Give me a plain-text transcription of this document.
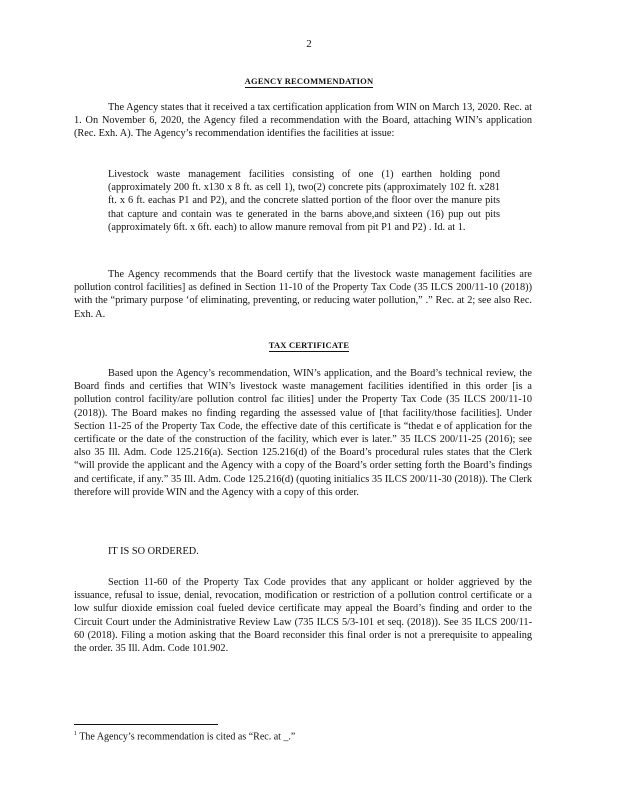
2
AGENCY RECOMMENDATION
The Agency states that it received a tax certification application from WIN on March 13, 2020. Rec. at 1. On November 6, 2020, the Agency filed a recommendation with the Board, attaching WIN’s application (Rec. Exh. A). The Agency’s recommendation identifies the facilities at issue:
Livestock waste management facilities consisting of one (1) earthen holding pond (approximately 200 ft. x130 x 8 ft. as cell 1), two(2) concrete pits (approximately 102 ft. x281 ft. x 6 ft. eachas P1 and P2), and the concrete slatted portion of the floor over the manure pits that capture and contain was te generated in the barns above,and sixteen (16) pup out pits (approximately 6ft. x 6ft. each) to allow manure removal from pit P1 and P2) . Id. at 1.
The Agency recommends that the Board certify that the livestock waste management facilities are pollution control facilities] as defined in Section 11-10 of the Property Tax Code (35 ILCS 200/11-10 (2018)) with the “primary purpose ‘of eliminating, preventing, or reducing water pollution,” .” Rec. at 2; see also Rec. Exh. A.
TAX CERTIFICATE
Based upon the Agency’s recommendation, WIN’s application, and the Board’s technical review, the Board finds and certifies that WIN’s livestock waste management facilities identified in this order [is a pollution control facility/are pollution control fac ilities] under the Property Tax Code (35 ILCS 200/11-10 (2018)). The Board makes no finding regarding the assessed value of [that facility/those facilities]. Under Section 11-25 of the Property Tax Code, the effective date of this certificate is “thedat e of application for the certificate or the date of the construction of the facility, which ever is later.” 35 ILCS 200/11-25 (2016); see also 35 Ill. Adm. Code 125.216(a). Section 125.216(d) of the Board’s procedural rules states that the Clerk “will provide the applicant and the Agency with a copy of the Board’s order setting forth the Board’s findings and certificate, if any.” 35 Ill. Adm. Code 125.216(d) (quoting initialics 35 ILCS 200/11-30 (2018)). The Clerk therefore will provide WIN and the Agency with a copy of this order.
IT IS SO ORDERED.
Section 11-60 of the Property Tax Code provides that any applicant or holder aggrieved by the issuance, refusal to issue, denial, revocation, modification or restriction of a pollution control certificate or a low sulfur dioxide emission coal fueled device certificate may appeal the Board’s finding and order to the Circuit Court under the Administrative Review Law (735 ILCS 5/3-101 et seq. (2018)). See 35 ILCS 200/11-60 (2018). Filing a motion asking that the Board reconsider this final order is not a prerequisite to appealing the order. 35 Ill. Adm. Code 101.902.
$^1$ The Agency’s recommendation is cited as “Rec. at _.”
